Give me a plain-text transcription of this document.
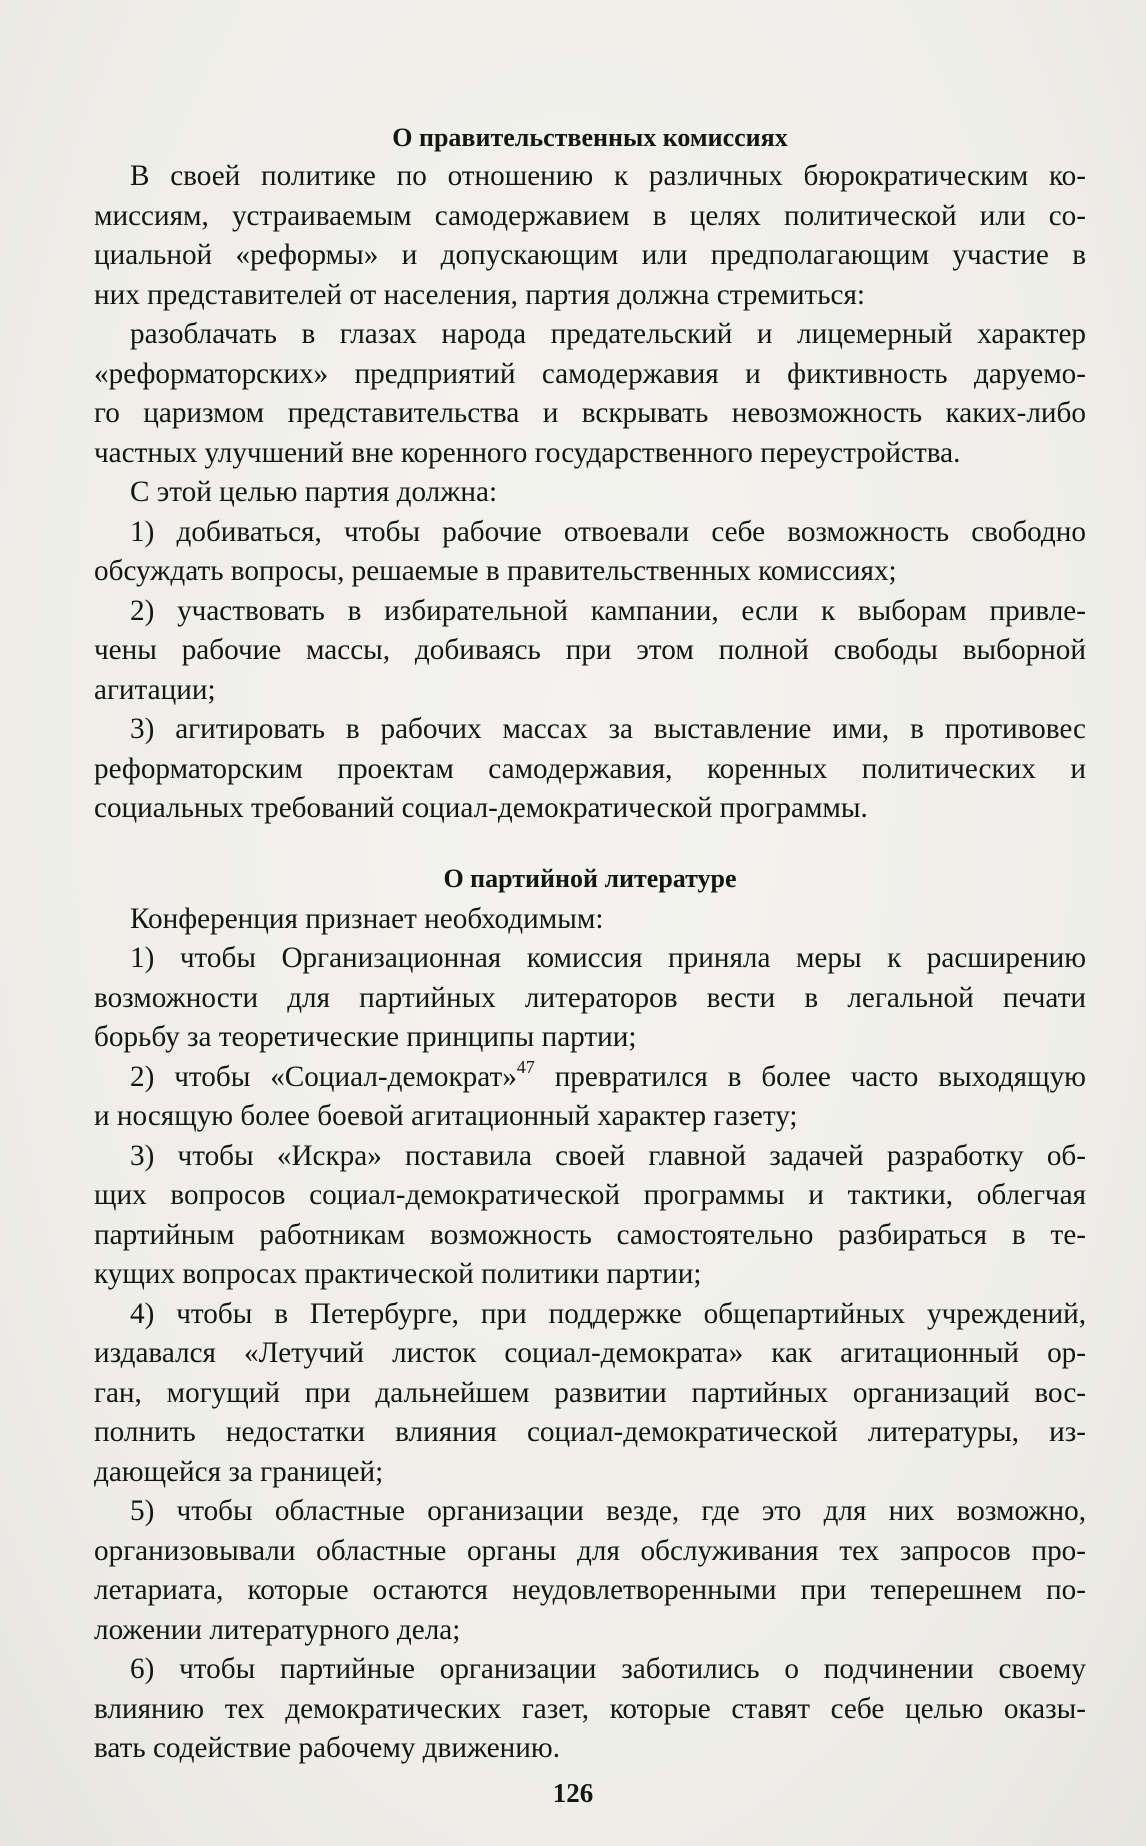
О правительственных комиссиях
В своей политике по отношению к различных бюрократическим ко-
миссиям, устраиваемым самодержавием в целях политической или со-
циальной «реформы» и допускающим или предполагающим участие в
них представителей от населения, партия должна стремиться:
разоблачать в глазах народа предательский и лицемерный характер
«реформаторских» предприятий самодержавия и фиктивность даруемо-
го царизмом представительства и вскрывать невозможность каких-либо
частных улучшений вне коренного государственного переустройства.
С этой целью партия должна:
1) добиваться, чтобы рабочие отвоевали себе возможность свободно
обсуждать вопросы, решаемые в правительственных комиссиях;
2) участвовать в избирательной кампании, если к выборам привле-
чены рабочие массы, добиваясь при этом полной свободы выборной
агитации;
3) агитировать в рабочих массах за выставление ими, в противовес
реформаторским проектам самодержавия, коренных политических и
социальных требований социал-демократической программы.
О партийной литературе
Конференция признает необходимым:
1) чтобы Организационная комиссия приняла меры к расширению
возможности для партийных литераторов вести в легальной печати
борьбу за теоретические принципы партии;
2) чтобы «Социал-демократ»$^{47}$ превратился в более часто выходящую
и носящую более боевой агитационный характер газету;
3) чтобы «Искра» поставила своей главной задачей разработку об-
щих вопросов социал-демократической программы и тактики, облегчая
партийным работникам возможность самостоятельно разбираться в те-
кущих вопросах практической политики партии;
4) чтобы в Петербурге, при поддержке общепартийных учреждений,
издавался «Летучий листок социал-демократа» как агитационный ор-
ган, могущий при дальнейшем развитии партийных организаций вос-
полнить недостатки влияния социал-демократической литературы, из-
дающейся за границей;
5) чтобы областные организации везде, где это для них возможно,
организовывали областные органы для обслуживания тех запросов про-
летариата, которые остаются неудовлетворенными при теперешнем по-
ложении литературного дела;
6) чтобы партийные организации заботились о подчинении своему
влиянию тех демократических газет, которые ставят себе целью оказы-
вать содействие рабочему движению.
126
